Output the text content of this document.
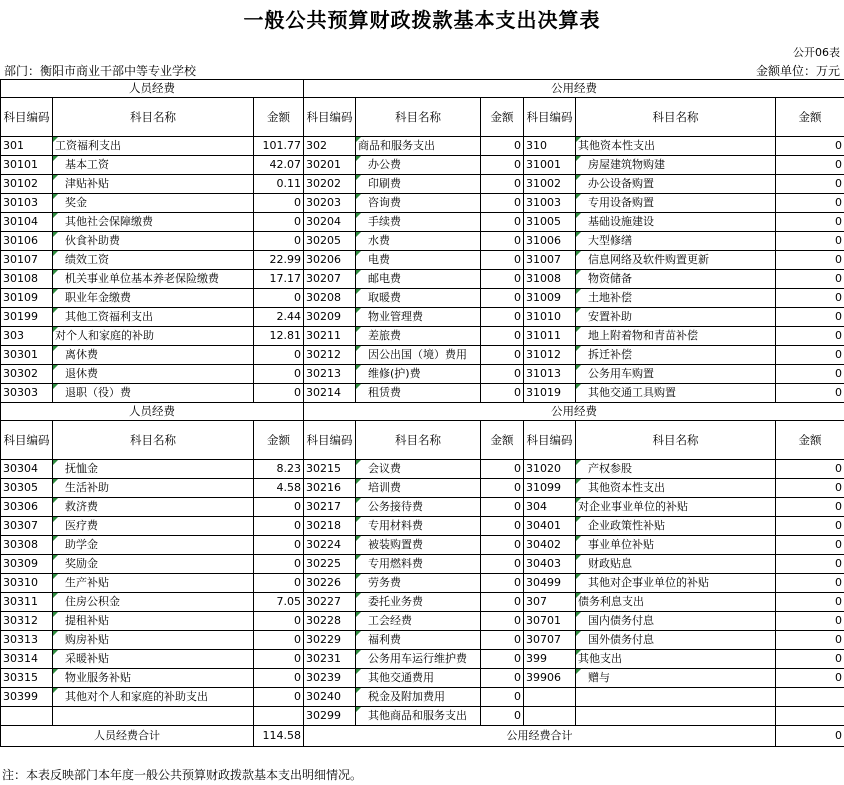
一般公共预算财政拨款基本支出决算表
公开06表
部门：衡阳市商业干部中等专业学校	金额单位：万元
人员经费			公用经费					
科目编码	科目名称	金额	科目编码	科目名称	金额	科目编码	科目名称	金额
301	工资福利支出	101.77	302	商品和服务支出	0	310	其他资本性支出	0
30101	基本工资	42.07	30201	办公费	0	31001	房屋建筑物购建	0
30102	津贴补贴	0.11	30202	印刷费	0	31002	办公设备购置	0
30103	奖金	0	30203	咨询费	0	31003	专用设备购置	0
30104	其他社会保障缴费	0	30204	手续费	0	31005	基础设施建设	0
30106	伙食补助费	0	30205	水费	0	31006	大型修缮	0
30107	绩效工资	22.99	30206	电费	0	31007	信息网络及软件购置更新	0
30108	机关事业单位基本养老保险缴费	17.17	30207	邮电费	0	31008	物资储备	0
30109	职业年金缴费	0	30208	取暖费	0	31009	土地补偿	0
30199	其他工资福利支出	2.44	30209	物业管理费	0	31010	安置补助	0
303	对个人和家庭的补助	12.81	30211	差旅费	0	31011	地上附着物和青苗补偿	0
30301	离休费	0	30212	因公出国（境）费用	0	31012	拆迁补偿	0
30302	退休费	0	30213	维修(护)费	0	31013	公务用车购置	0
30303	退职（役）费	0	30214	租赁费	0	31019	其他交通工具购置	0
人员经费			公用经费					
科目编码	科目名称	金额	科目编码	科目名称	金额	科目编码	科目名称	金额
30304	抚恤金	8.23	30215	会议费	0	31020	产权参股	0
30305	生活补助	4.58	30216	培训费	0	31099	其他资本性支出	0
30306	救济费	0	30217	公务接待费	0	304	对企业事业单位的补贴	0
30307	医疗费	0	30218	专用材料费	0	30401	企业政策性补贴	0
30308	助学金	0	30224	被装购置费	0	30402	事业单位补贴	0
30309	奖励金	0	30225	专用燃料费	0	30403	财政贴息	0
30310	生产补贴	0	30226	劳务费	0	30499	其他对企事业单位的补贴	0
30311	住房公积金	7.05	30227	委托业务费	0	307	债务利息支出	0
30312	提租补贴	0	30228	工会经费	0	30701	国内债务付息	0
30313	购房补贴	0	30229	福利费	0	30707	国外债务付息	0
30314	采暖补贴	0	30231	公务用车运行维护费	0	399	其他支出	0
30315	物业服务补贴	0	30239	其他交通费用	0	39906	赠与	0
30399	其他对个人和家庭的补助支出	0	30240	税金及附加费用	0			
			30299	其他商品和服务支出	0			
人员经费合计		114.58	公用经费合计					0
注：本表反映部门本年度一般公共预算财政拨款基本支出明细情况。
